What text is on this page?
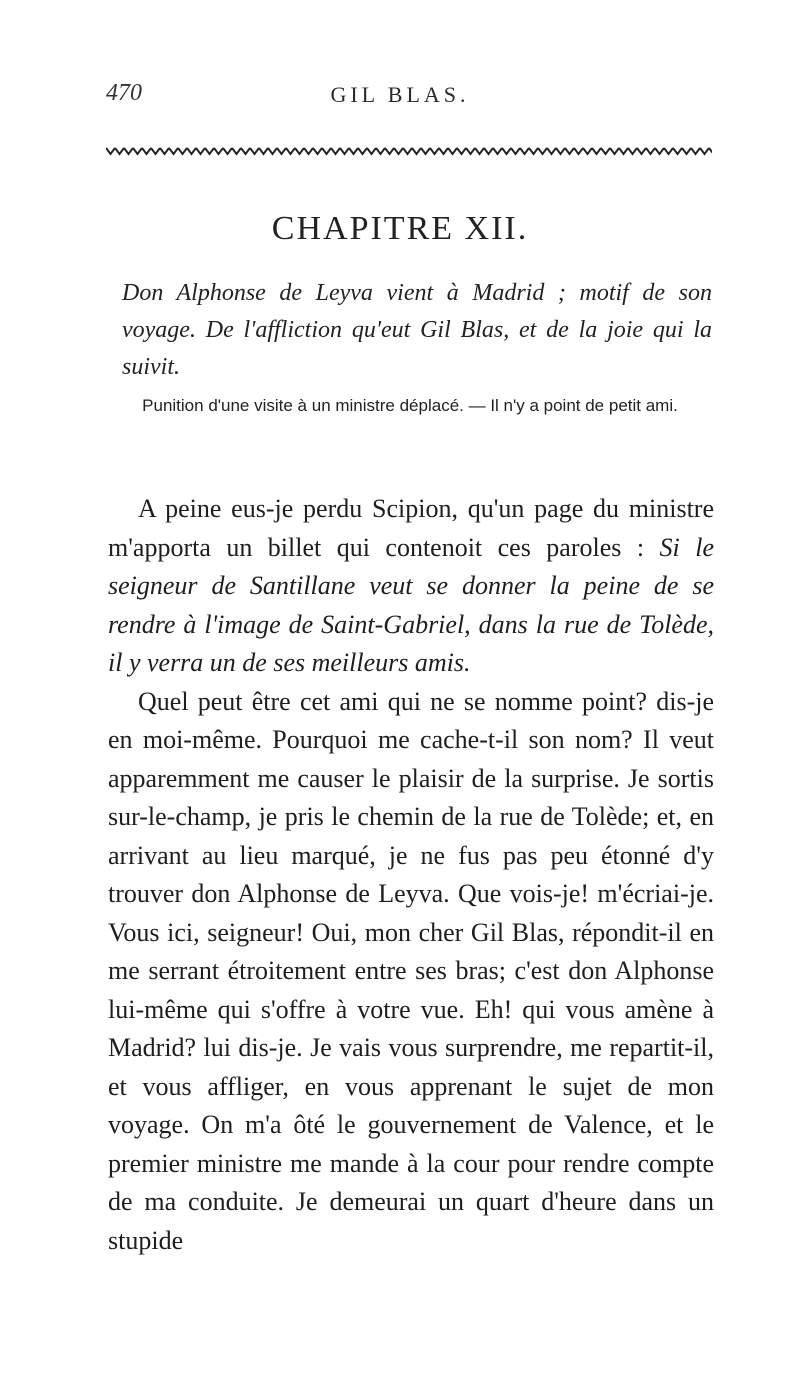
470	GIL BLAS.
CHAPITRE XII.
Don Alphonse de Leyva vient à Madrid ; motif de son voyage. De l'affliction qu'eut Gil Blas, et de la joie qui la suivit.
Punition d'une visite à un ministre déplacé. — Il n'y a point de petit ami.

A peine eus-je perdu Scipion, qu'un page du ministre m'apporta un billet qui contenoit ces paroles : Si le seigneur de Santillane veut se donner la peine de se rendre à l'image de Saint-Gabriel, dans la rue de Tolède, il y verra un de ses meilleurs amis.

Quel peut être cet ami qui ne se nomme point? dis-je en moi-même. Pourquoi me cache-t-il son nom? Il veut apparemment me causer le plaisir de la surprise. Je sortis sur-le-champ, je pris le chemin de la rue de Tolède; et, en arrivant au lieu marqué, je ne fus pas peu étonné d'y trouver don Alphonse de Leyva. Que vois-je! m'écriai-je. Vous ici, seigneur! Oui, mon cher Gil Blas, répondit-il en me serrant étroitement entre ses bras; c'est don Alphonse lui-même qui s'offre à votre vue. Eh! qui vous amène à Madrid? lui dis-je. Je vais vous surprendre, me repartit-il, et vous affliger, en vous apprenant le sujet de mon voyage. On m'a ôté le gouvernement de Valence, et le premier ministre me mande à la cour pour rendre compte de ma conduite. Je demeurai un quart d'heure dans un stupide
